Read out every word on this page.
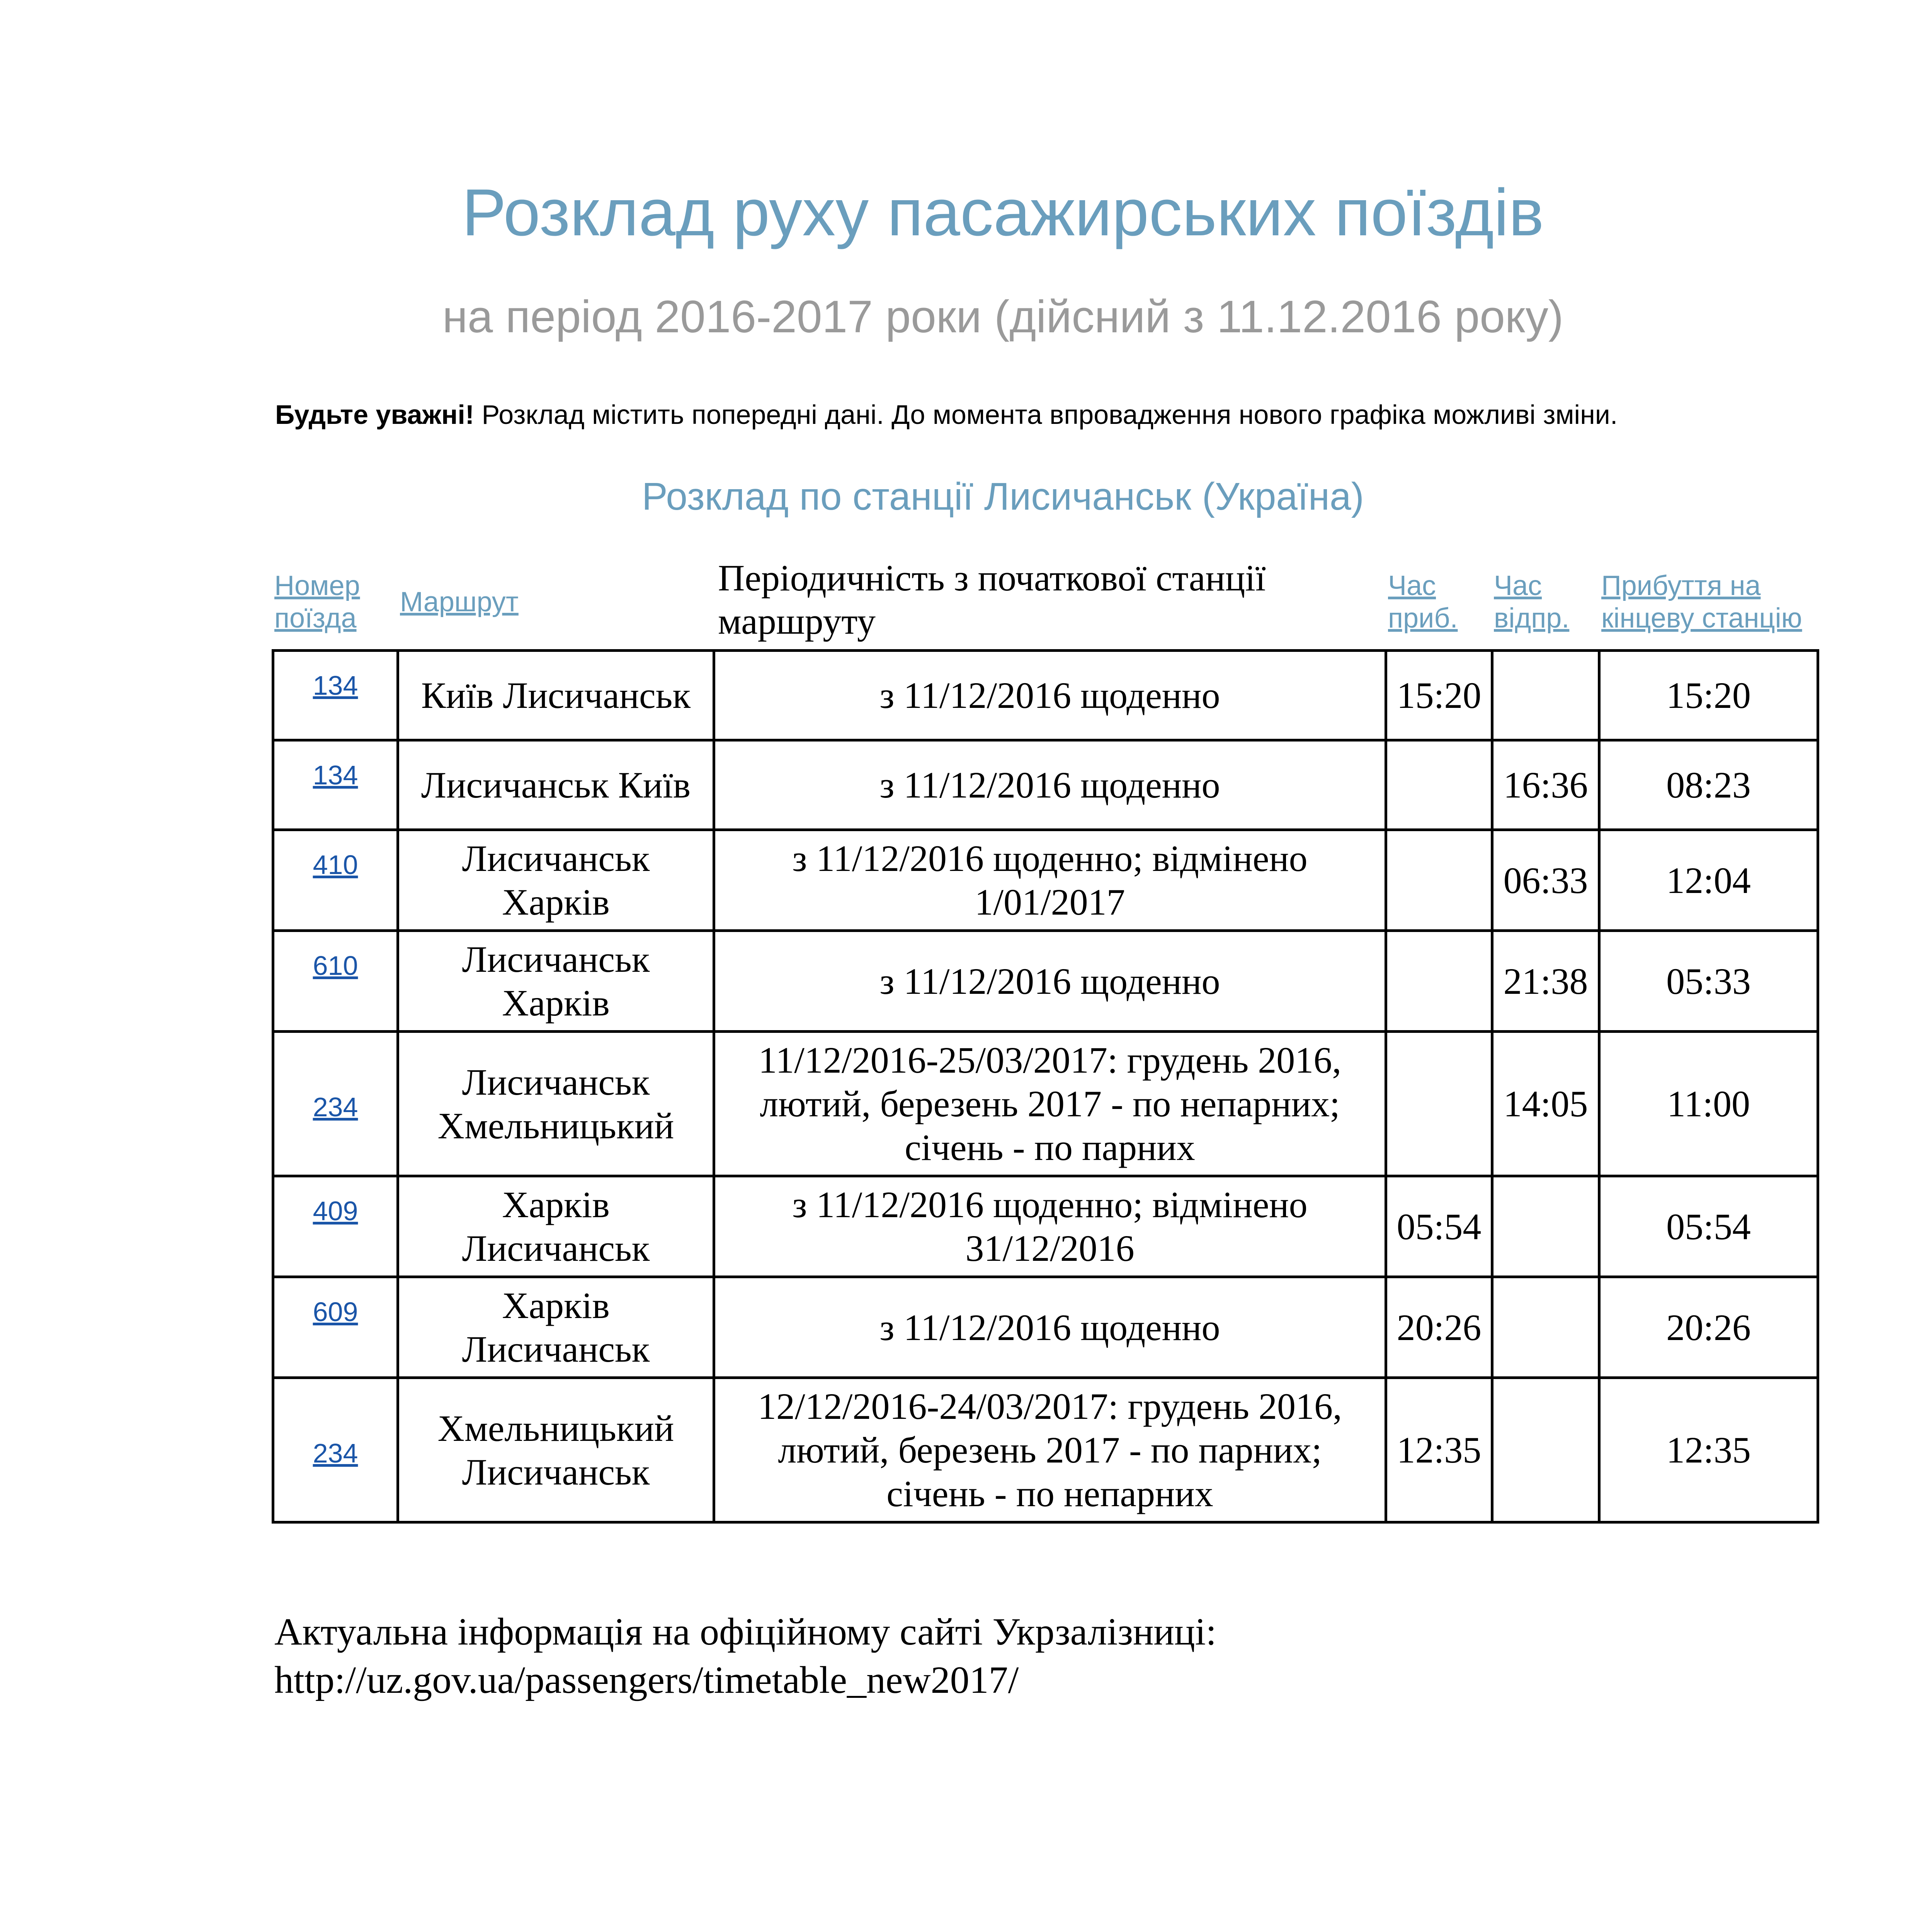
Розклад руху пасажирських поїздів
на період 2016-2017 роки (дійсний з 11.12.2016 року)
Будьте уважні! Розклад містить попередні дані. До момента впровадження нового графіка можливі зміни.
Розклад по станції Лисичанськ (Україна)
Номер
поїзда
Маршрут
Періодичність з початкової станції маршруту
Час
приб.
Час
відпр.
Прибуття на
кінцеву станцію
134	Київ Лисичанськ	з 11/12/2016 щоденно	15:20		15:20
134	Лисичанськ Київ	з 11/12/2016 щоденно		16:36	08:23
410	Лисичанськ Харків	з 11/12/2016 щоденно; відмінено 1/01/2017		06:33	12:04
610	Лисичанськ Харків	з 11/12/2016 щоденно		21:38	05:33
234	Лисичанськ Хмельницький	11/12/2016-25/03/2017: грудень 2016, лютий, березень 2017 - по непарних; січень - по парних		14:05	11:00
409	Харків Лисичанськ	з 11/12/2016 щоденно; відмінено 31/12/2016	05:54		05:54
609	Харків Лисичанськ	з 11/12/2016 щоденно	20:26		20:26
234	Хмельницький Лисичанськ	12/12/2016-24/03/2017: грудень 2016, лютий, березень 2017 - по парних; січень - по непарних	12:35		12:35
Актуальна інформація на офіційному сайті Укрзалізниці:
http://uz.gov.ua/passengers/timetable_new2017/
